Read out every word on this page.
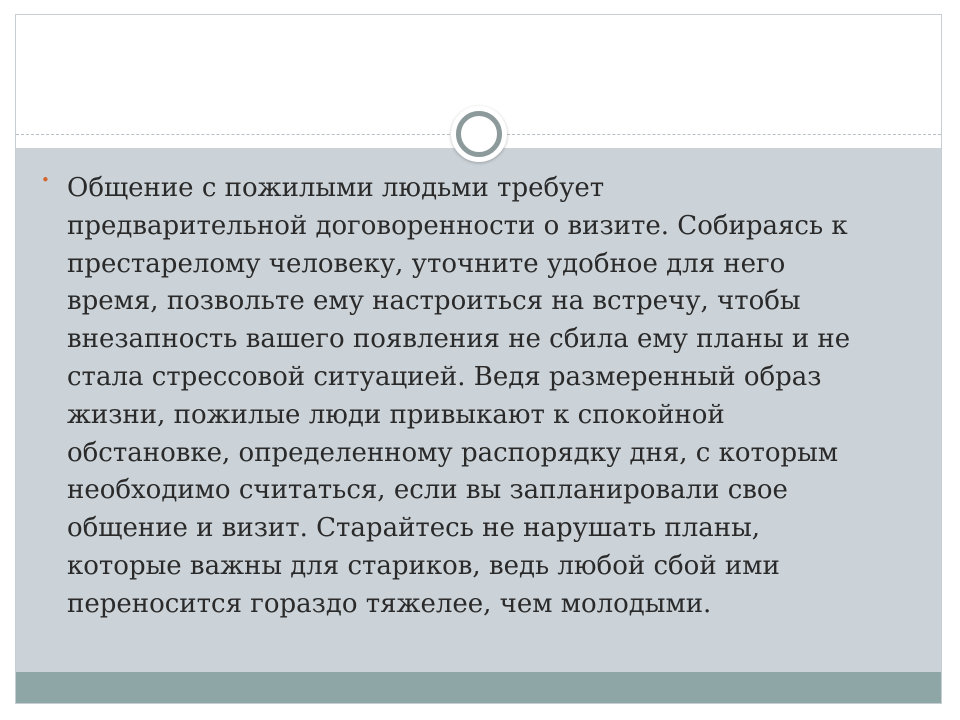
• Общение с пожилыми людьми требует
предварительной договоренности о визите. Собираясь к
престарелому человеку, уточните удобное для него
время, позвольте ему настроиться на встречу, чтобы
внезапность вашего появления не сбила ему планы и не
стала стрессовой ситуацией. Ведя размеренный образ
жизни, пожилые люди привыкают к спокойной
обстановке, определенному распорядку дня, с которым
необходимо считаться, если вы запланировали свое
общение и визит. Старайтесь не нарушать планы,
которые важны для стариков, ведь любой сбой ими
переносится гораздо тяжелее, чем молодыми.
